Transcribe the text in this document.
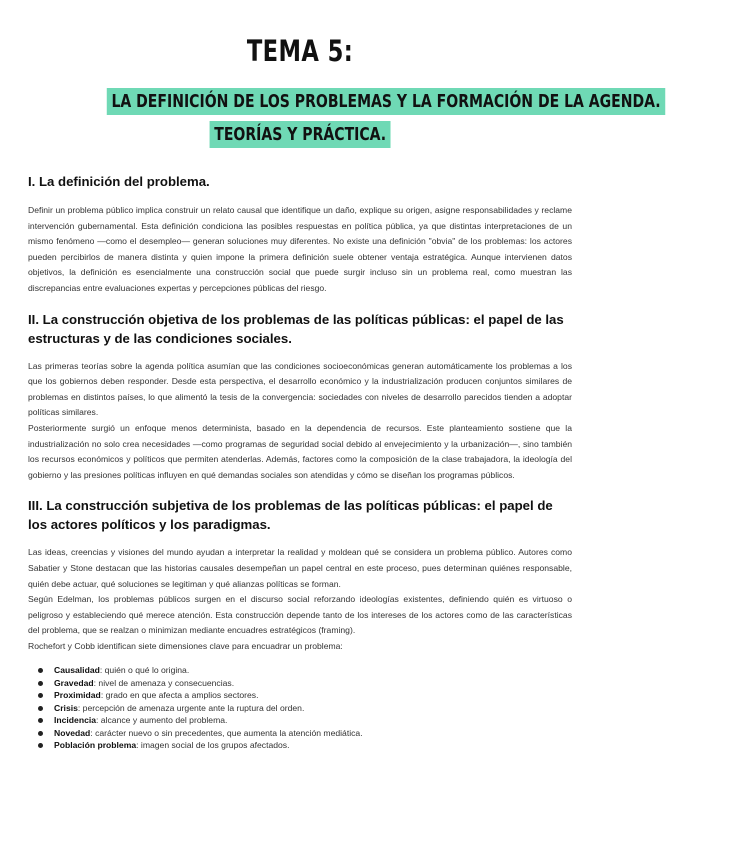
TEMA 5:
LA DEFINICIÓN DE LOS PROBLEMAS Y LA FORMACIÓN DE LA AGENDA.
TEORÍAS Y PRÁCTICA.
I. La definición del problema.

Definir un problema público implica construir un relato causal que identifique un daño, explique su origen, asigne responsabilidades y reclame intervención gubernamental. Esta definición condiciona las posibles respuestas en política pública, ya que distintas interpretaciones de un mismo fenómeno —como el desempleo— generan soluciones muy diferentes. No existe una definición "obvia" de los problemas: los actores pueden percibirlos de manera distinta y quien impone la primera definición suele obtener ventaja estratégica. Aunque intervienen datos objetivos, la definición es esencialmente una construcción social que puede surgir incluso sin un problema real, como muestran las discrepancias entre evaluaciones expertas y percepciones públicas del riesgo.

II. La construcción objetiva de los problemas de las políticas públicas: el papel de las estructuras y de las condiciones sociales.

Las primeras teorías sobre la agenda política asumían que las condiciones socioeconómicas generan automáticamente los problemas a los que los gobiernos deben responder. Desde esta perspectiva, el desarrollo económico y la industrialización producen conjuntos similares de problemas en distintos países, lo que alimentó la tesis de la convergencia: sociedades con niveles de desarrollo parecidos tienden a adoptar políticas similares.

Posteriormente surgió un enfoque menos determinista, basado en la dependencia de recursos. Este planteamiento sostiene que la industrialización no solo crea necesidades —como programas de seguridad social debido al envejecimiento y la urbanización—, sino también los recursos económicos y políticos que permiten atenderlas. Además, factores como la composición de la clase trabajadora, la ideología del gobierno y las presiones políticas influyen en qué demandas sociales son atendidas y cómo se diseñan los programas públicos.

III. La construcción subjetiva de los problemas de las políticas públicas: el papel de los actores políticos y los paradigmas.

Las ideas, creencias y visiones del mundo ayudan a interpretar la realidad y moldean qué se considera un problema público. Autores como Sabatier y Stone destacan que las historias causales desempeñan un papel central en este proceso, pues determinan quiénes responsable, quién debe actuar, qué soluciones se legitiman y qué alianzas políticas se forman.

Según Edelman, los problemas públicos surgen en el discurso social reforzando ideologías existentes, definiendo quién es virtuoso o peligroso y estableciendo qué merece atención. Esta construcción depende tanto de los intereses de los actores como de las características del problema, que se realzan o minimizan mediante encuadres estratégicos (framing).

Rochefort y Cobb identifican siete dimensiones clave para encuadrar un problema:

Causalidad: quién o qué lo origina.
Gravedad: nivel de amenaza y consecuencias.
Proximidad: grado en que afecta a amplios sectores.
Crisis: percepción de amenaza urgente ante la ruptura del orden.
Incidencia: alcance y aumento del problema.
Novedad: carácter nuevo o sin precedentes, que aumenta la atención mediática.
Población problema: imagen social de los grupos afectados.
